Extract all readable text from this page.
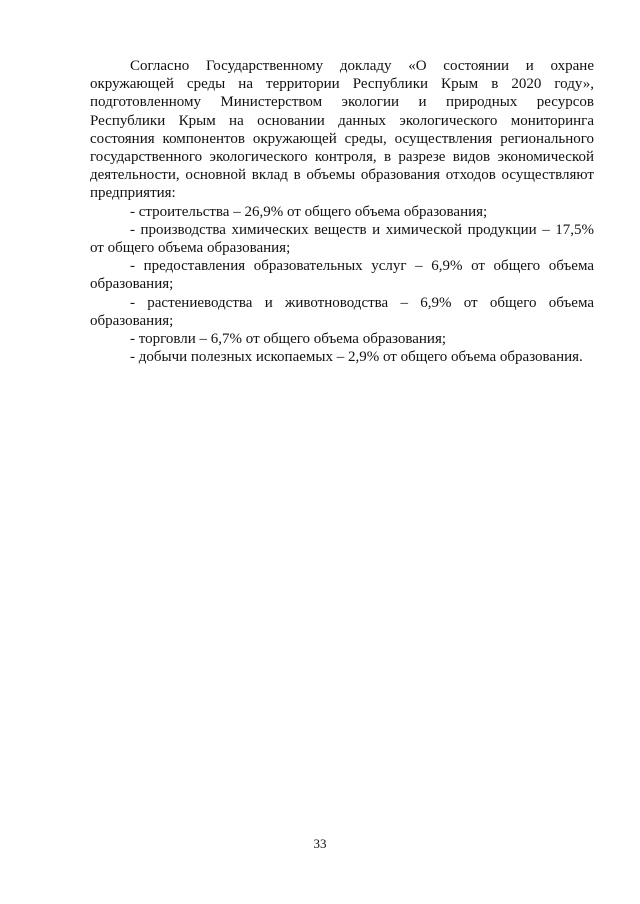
Согласно Государственному докладу «О состоянии и охране окружающей среды на территории Республики Крым в 2020 году», подготовленному Министерством экологии и природных ресурсов Республики Крым на основании данных экологического мониторинга состояния компонентов окружающей среды, осуществления регионального государственного экологического контроля, в разрезе видов экономической деятельности, основной вклад в объемы образования отходов осуществляют предприятия:

- строительства – 26,9% от общего объема образования;

- производства химических веществ и химической продукции – 17,5% от общего объема образования;

- предоставления образовательных услуг – 6,9% от общего объема образования;

- растениеводства и животноводства – 6,9% от общего объема образования;

- торговли – 6,7% от общего объема образования;

- добычи полезных ископаемых – 2,9% от общего объема образования.

33
